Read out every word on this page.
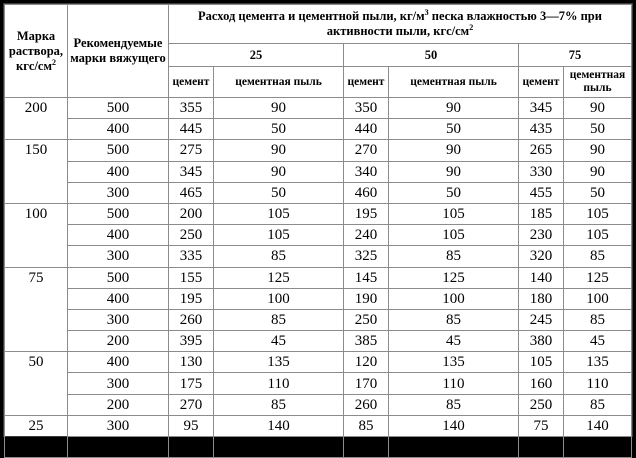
Марка раствора, кгс/$см^2$	Рекомендуемые марки вяжущего	Расход цемента и цементной пыли, $кг/м^3$ песка влажностью 3—7% при активности пыли, кгс/$см^2$
		25		50		75	
		цемент	цементная пыль	цемент	цементная пыль	цемент	цементная пыль
200	500	355	90	350	90	345	90
	400	445	50	440	50	435	50
150	500	275	90	270	90	265	90
	400	345	90	340	90	330	90
	300	465	50	460	50	455	50
100	500	200	105	195	105	185	105
	400	250	105	240	105	230	105
	300	335	85	325	85	320	85
75	500	155	125	145	125	140	125
	400	195	100	190	100	180	100
	300	260	85	250	85	245	85
	200	395	45	385	45	380	45
50	400	130	135	120	135	105	135
	300	175	110	170	110	160	110
	200	270	85	260	85	250	85
25	300	95	140	85	140	75	140
	200	140	125	130	125	125	125
